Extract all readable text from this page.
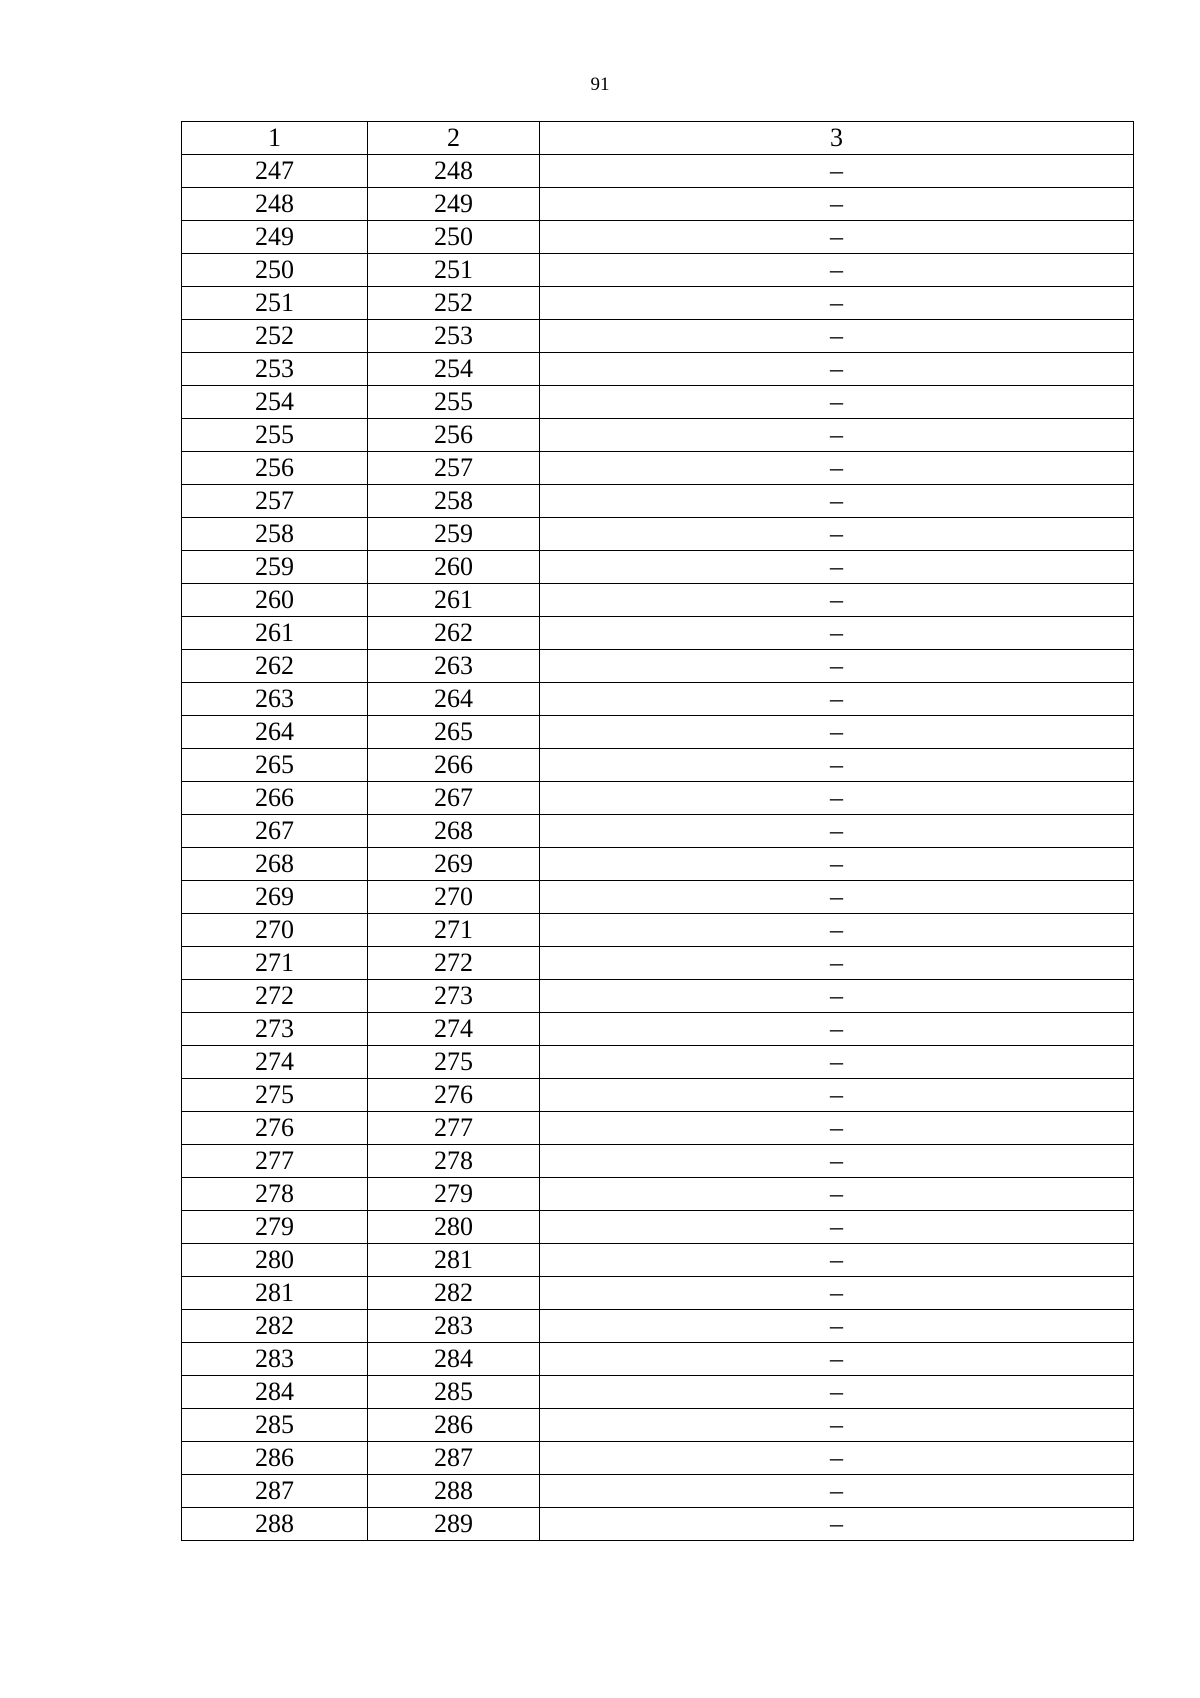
91
1	2	3
247	248	–
248	249	–
249	250	–
250	251	–
251	252	–
252	253	–
253	254	–
254	255	–
255	256	–
256	257	–
257	258	–
258	259	–
259	260	–
260	261	–
261	262	–
262	263	–
263	264	–
264	265	–
265	266	–
266	267	–
267	268	–
268	269	–
269	270	–
270	271	–
271	272	–
272	273	–
273	274	–
274	275	–
275	276	–
276	277	–
277	278	–
278	279	–
279	280	–
280	281	–
281	282	–
282	283	–
283	284	–
284	285	–
285	286	–
286	287	–
287	288	–
288	289	–
